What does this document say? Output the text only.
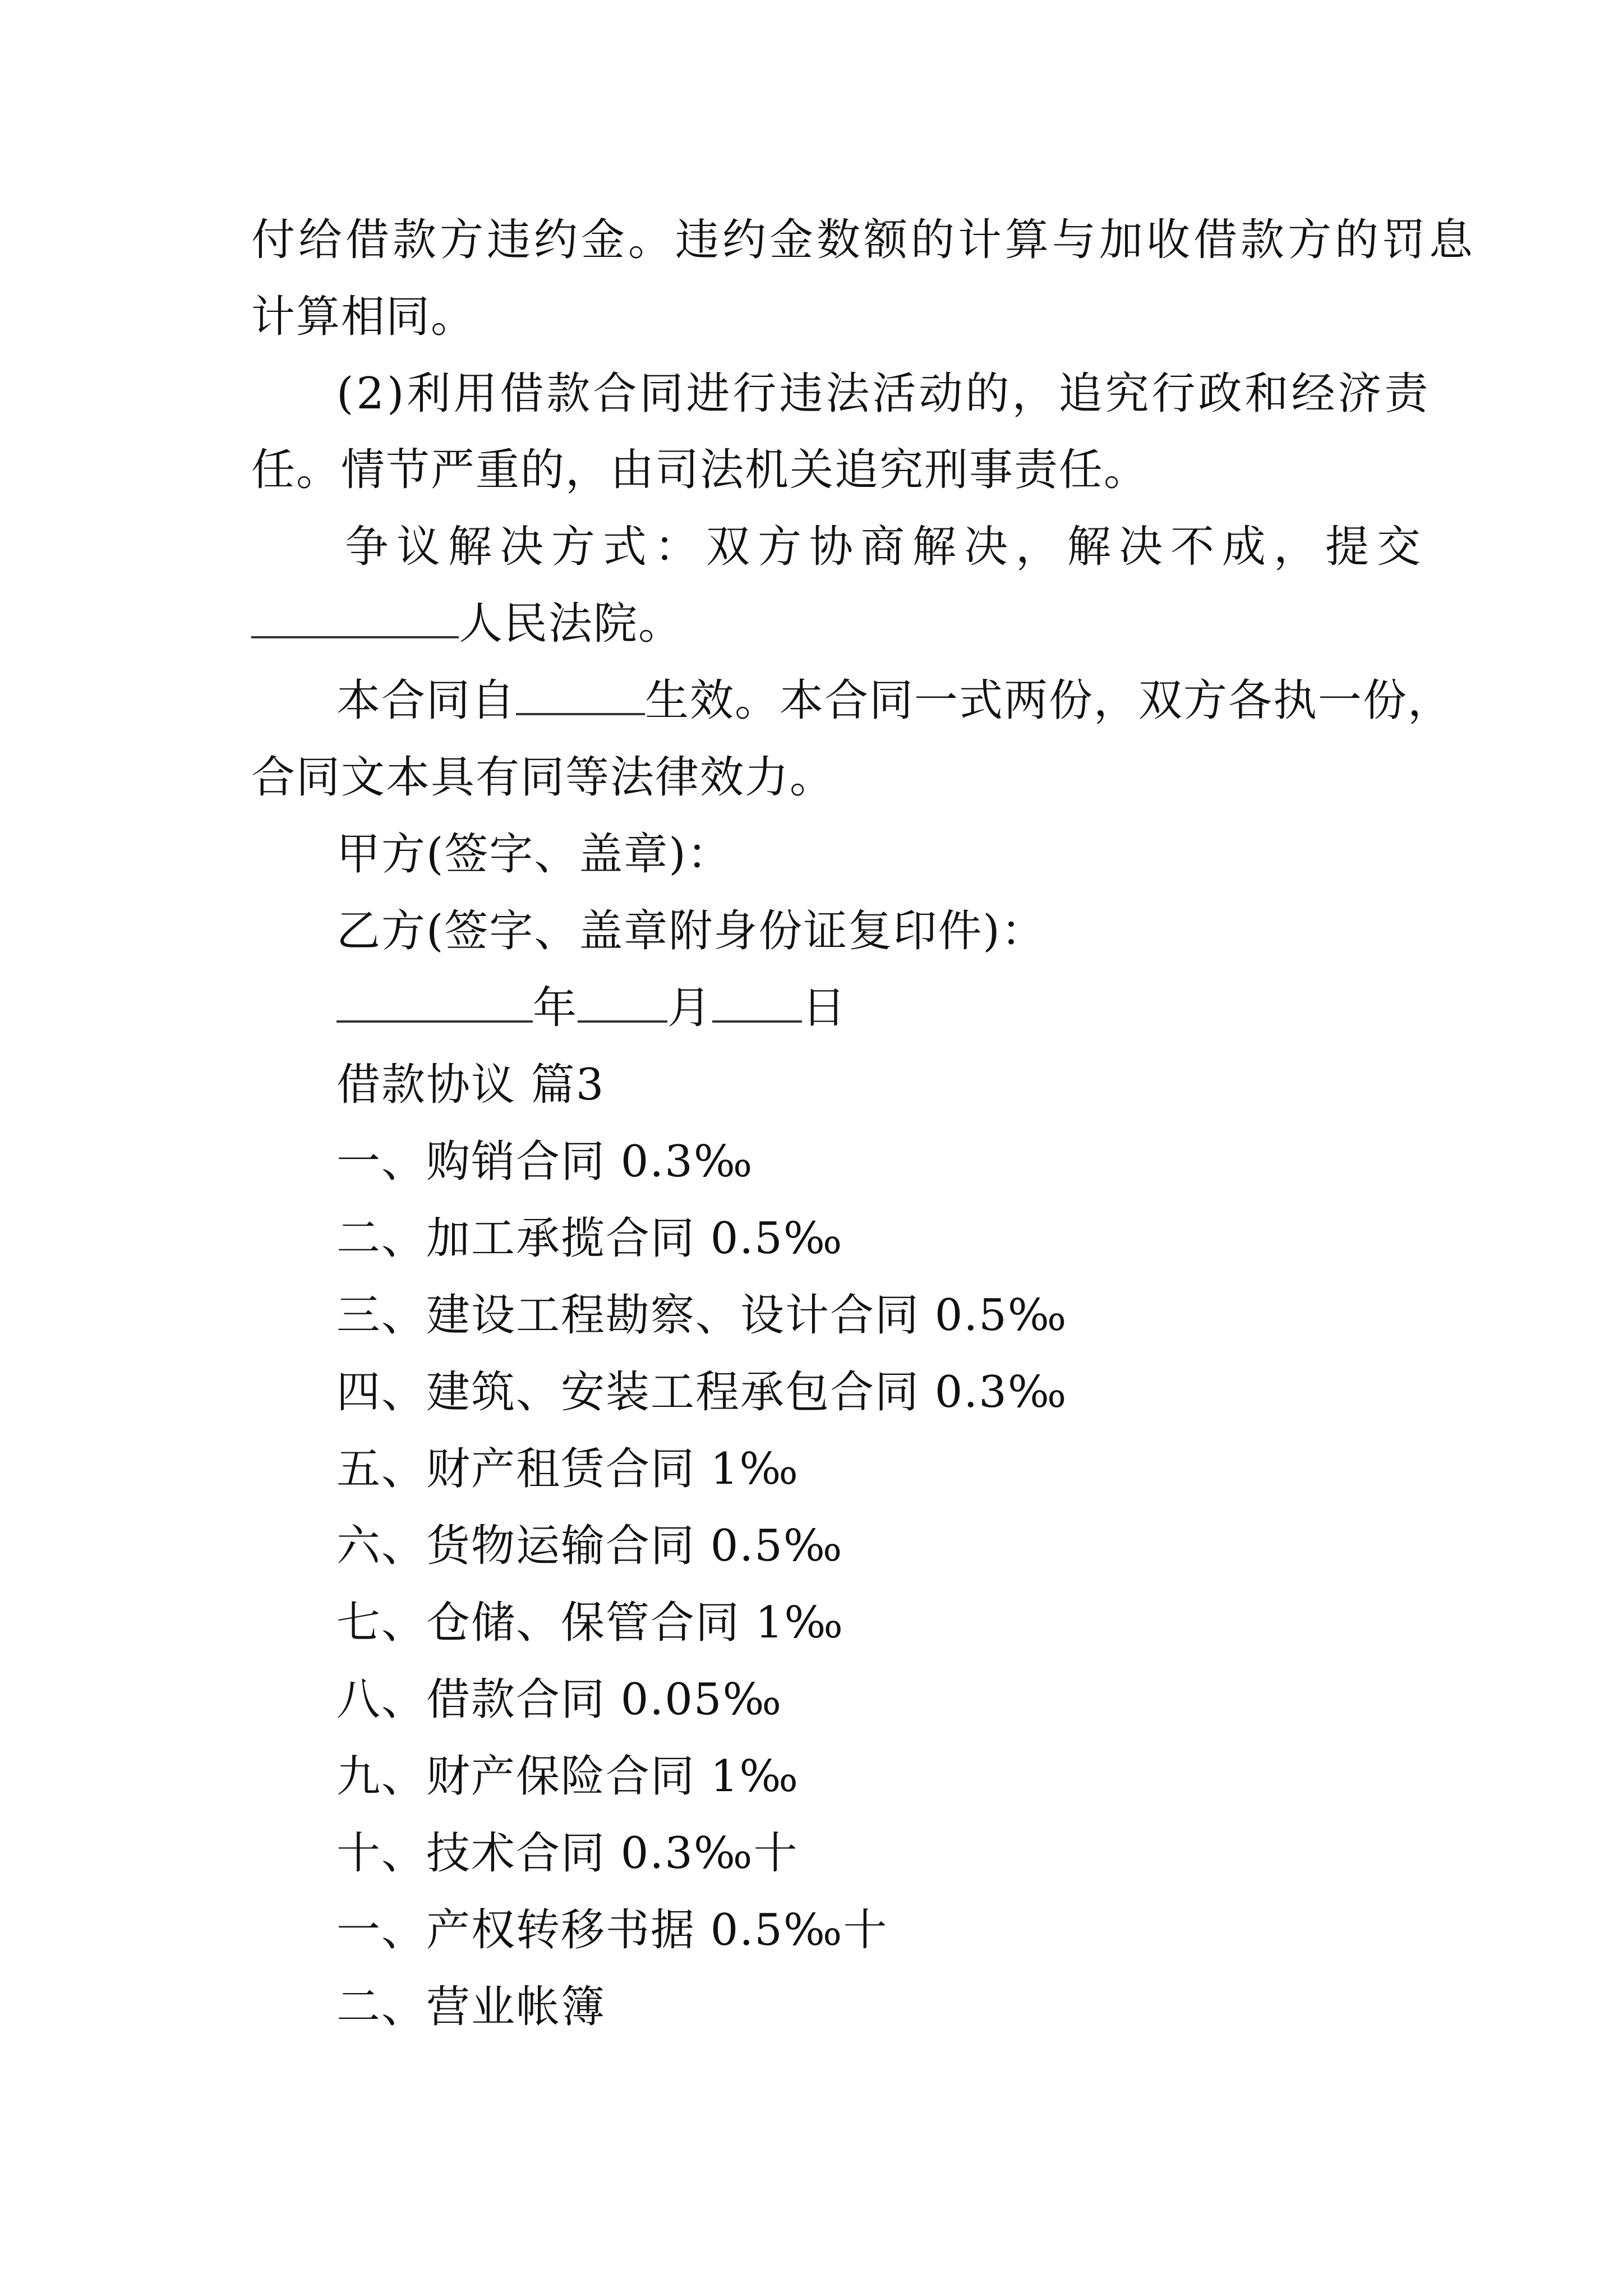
付给借款方违约金。违约金数额的计算与加收借款方的罚息
计算相同。
(2)利用借款合同进行违法活动的，追究行政和经济责
任。情节严重的，由司法机关追究刑事责任。
争议解决方式：双方协商解决，解决不成，提交
人民法院。
本合同自	生效。本合同一式两份，双方各执一份，
合同文本具有同等法律效力。
甲方(签字、盖章)：
乙方(签字、盖章附身份证复印件)：
年 月 日
借款协议 篇3
一、购销合同 0.3‰
二、加工承揽合同 0.5‰
三、建设工程勘察、设计合同 0.5‰
四、建筑、安装工程承包合同 0.3‰
五、财产租赁合同 1‰
六、货物运输合同 0.5‰
七、仓储、保管合同 1‰
八、借款合同 0.05‰
九、财产保险合同 1‰
十、技术合同 0.3‰十
一、产权转移书据 0.5‰十
二、营业帐簿
